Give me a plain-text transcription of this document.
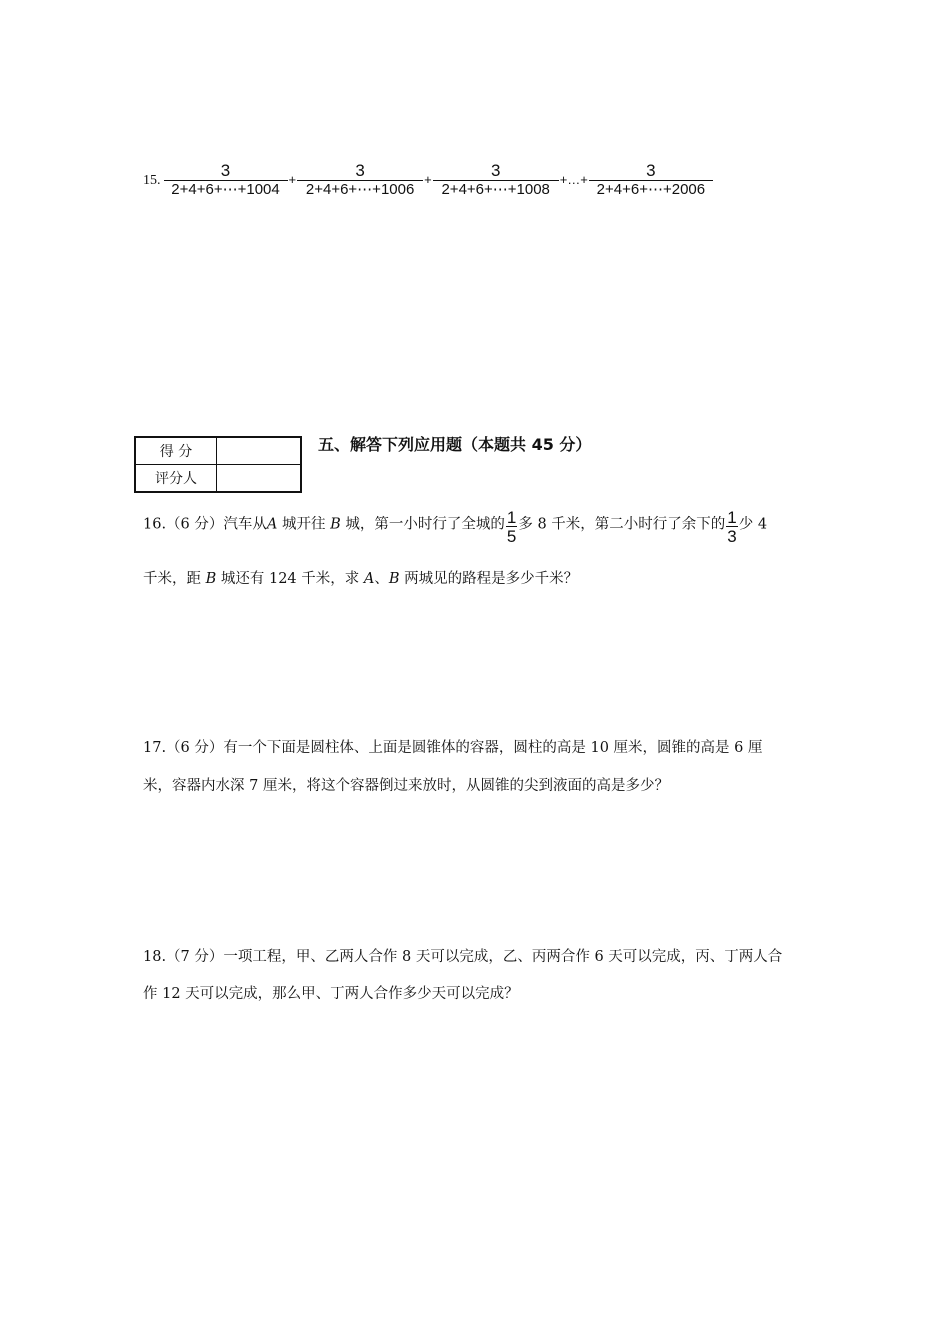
15. $\frac{3}{2+4+6+\cdots+1004} + \frac{3}{2+4+6+\cdots+1006} + \frac{3}{2+4+6+\cdots+1008}$ +…+ $\frac{3}{2+4+6+\cdots+2006}$
得 分	
评分人	
五、解答下列应用题（本题共 45 分）
16.（6 分）汽车从A 城开往 B 城，第一小时行了全城的 $\frac{1}{5}$ 多 8 千米，第二小时行了余下的 $\frac{1}{3}$ 少 4
千米，距 B 城还有 124 千米，求 A、B 两城见的路程是多少千米？
17.（6 分）有一个下面是圆柱体、上面是圆锥体的容器，圆柱的高是 10 厘米，圆锥的高是 6 厘
米，容器内水深 7 厘米，将这个容器倒过来放时，从圆锥的尖到液面的高是多少？
18.（7 分）一项工程，甲、乙两人合作 8 天可以完成，乙、丙两合作 6 天可以完成，丙、丁两人合
作 12 天可以完成，那么甲、丁两人合作多少天可以完成？
